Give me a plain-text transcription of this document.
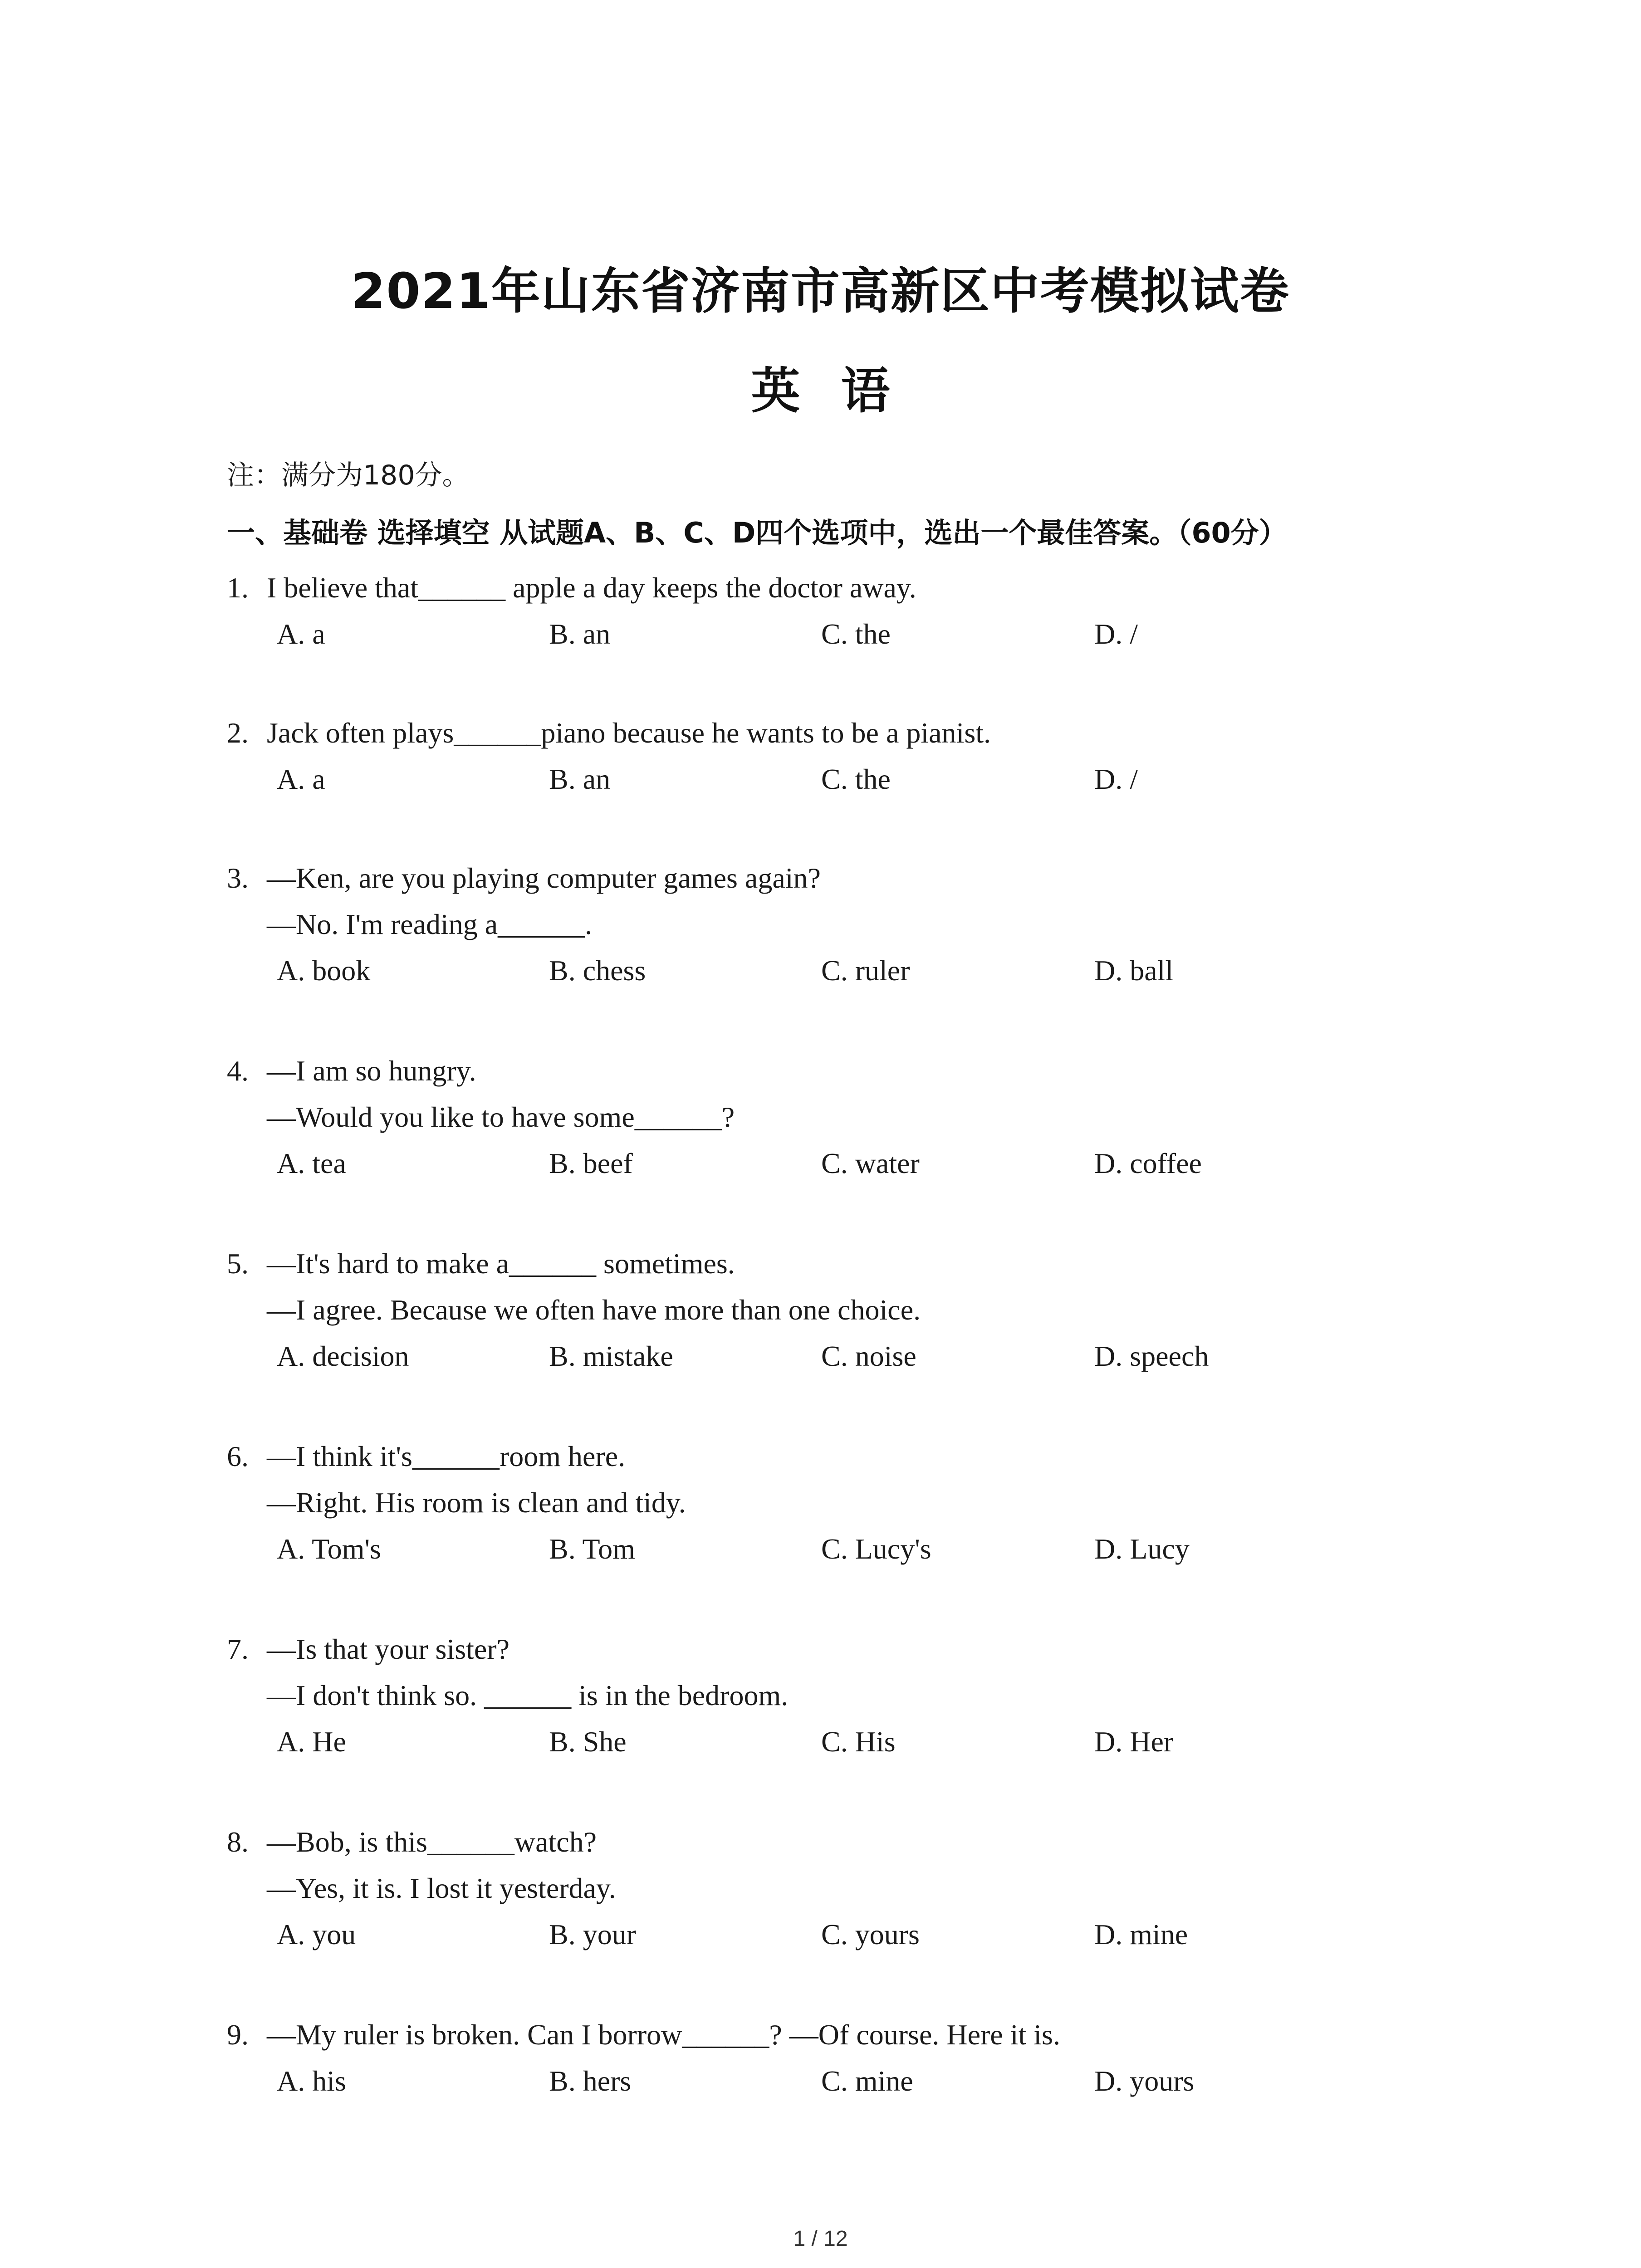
2021年山东省济南市高新区中考模拟试卷
英语
注：满分为180分。
一、基础卷 选择填空 从试题A、B、C、D四个选项中，选出一个最佳答案。（60分）
1. I believe that______ apple a day keeps the doctor away.
A. a	B. an	C. the	D. /
2. Jack often plays______piano because he wants to be a pianist.
A. a	B. an	C. the	D. /
3. —Ken, are you playing computer games again?
—No. I'm reading a______.
A. book	B. chess	C. ruler	D. ball
4. —I am so hungry.
—Would you like to have some______?
A. tea	B. beef	C. water	D. coffee
5. —It's hard to make a______ sometimes.
—I agree. Because we often have more than one choice.
A. decision	B. mistake	C. noise	D. speech
6. —I think it's______room here.
—Right. His room is clean and tidy.
A. Tom's	B. Tom	C. Lucy's	D. Lucy
7. —Is that your sister?
—I don't think so. ______ is in the bedroom.
A. He	B. She	C. His	D. Her
8. —Bob, is this______watch?
—Yes, it is. I lost it yesterday.
A. you	B. your	C. yours	D. mine
9. —My ruler is broken. Can I borrow______? —Of course. Here it is.
A. his	B. hers	C. mine	D. yours
1 / 12
